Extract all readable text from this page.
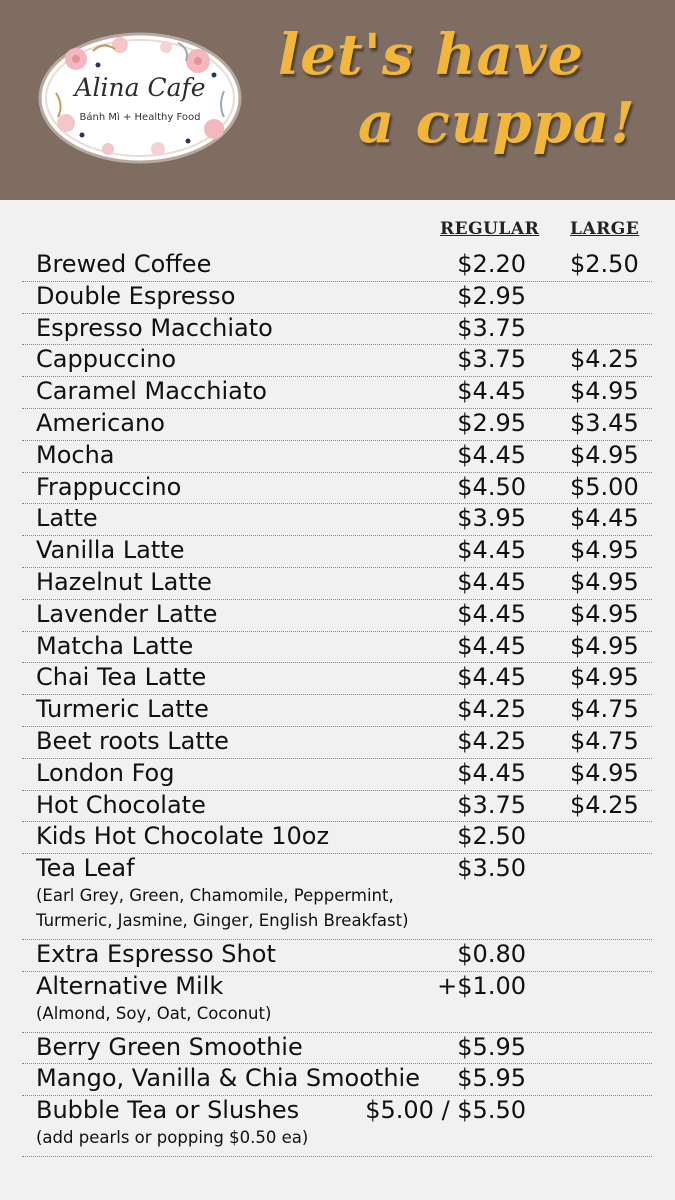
Alina Cafe
Bánh Mì + Healthy Food
let's have
a cuppa!
REGULAR LARGE
Brewed Coffee	$2.20 $2.50
Double Espresso	$2.95
Espresso Macchiato	$3.75
Cappuccino	$3.75 $4.25
Caramel Macchiato	$4.45 $4.95
Americano	$2.95 $3.45
Mocha	$4.45 $4.95
Frappuccino	$4.50 $5.00
Latte	$3.95 $4.45
Vanilla Latte	$4.45 $4.95
Hazelnut Latte	$4.45 $4.95
Lavender Latte	$4.45 $4.95
Matcha Latte	$4.45 $4.95
Chai Tea Latte	$4.45 $4.95
Turmeric Latte	$4.25 $4.75
Beet roots Latte	$4.25 $4.75
London Fog	$4.45 $4.95
Hot Chocolate	$3.75 $4.25
Kids Hot Chocolate 10oz	$2.50
Tea Leaf	$3.50
(Earl Grey, Green, Chamomile, Peppermint,
Turmeric, Jasmine, Ginger, English Breakfast)
Extra Espresso Shot	$0.80
Alternative Milk	+$1.00
(Almond, Soy, Oat, Coconut)
Berry Green Smoothie	$5.95
Mango, Vanilla & Chia Smoothie $5.95
Bubble Tea or Slushes	$5.00 / $5.50
(add pearls or popping $0.50 ea)
